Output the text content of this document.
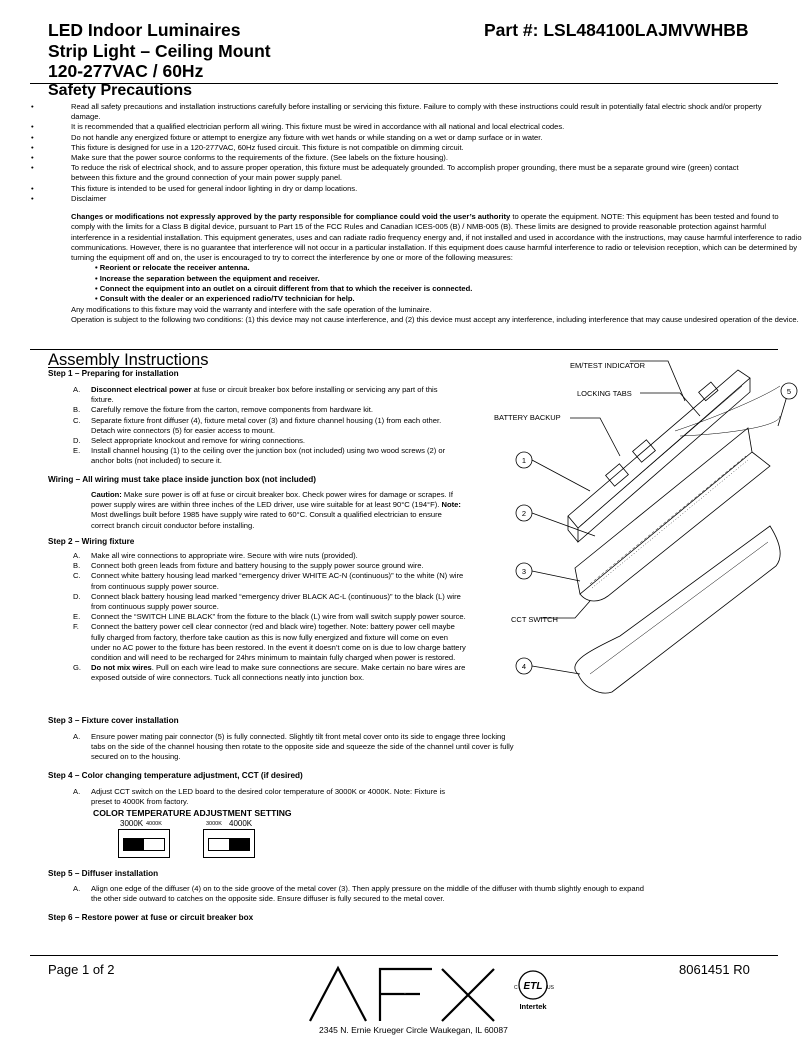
LED Indoor Luminaires
Strip Light – Ceiling Mount
120-277VAC / 60Hz
Part #: LSL484100LAJMVWHBB
Safety Precautions
• Read all safety precautions and installation instructions carefully before installing or servicing this fixture. Failure to comply with these instructions could result in potentially fatal electric shock and/or property damage.
• It is recommended that a qualified electrician perform all wiring. This fixture must be wired in accordance with all national and local electrical codes.
• Do not handle any energized fixture or attempt to energize any fixture with wet hands or while standing on a wet or damp surface or in water.
• This fixture is designed for use in a 120-277VAC, 60Hz fused circuit. This fixture is not compatible on dimming circuit.
• Make sure that the power source conforms to the requirements of the fixture. (See labels on the fixture housing).
• To reduce the risk of electrical shock, and to assure proper operation, this fixture must be adequately grounded. To accomplish proper grounding, there must be a separate ground wire (green) contact between this fixture and the ground connection of your main power supply panel.
• This fixture is intended to be used for general indoor lighting in dry or damp locations.
• Disclaimer
Changes or modifications not expressly approved by the party responsible for compliance could void the user’s authority to operate the equipment. NOTE: This equipment has been tested and found to comply with the limits for a Class B digital device, pursuant to Part 15 of the FCC Rules and Canadian ICES-005 (B) / NMB-005 (B). These limits are designed to provide reasonable protection against harmful interference in a residential installation. This equipment generates, uses and can radiate radio frequency energy and, if not installed and used in accordance with the instructions, may cause harmful interference to radio communications. However, there is no guarantee that interference will not occur in a particular installation. If this equipment does cause harmful interference to radio or television reception, which can be determined by turning the equipment off and on, the user is encouraged to try to correct the interference by one or more of the following measures:
• Reorient or relocate the receiver antenna.
• Increase the separation between the equipment and receiver.
• Connect the equipment into an outlet on a circuit different from that to which the receiver is connected.
• Consult with the dealer or an experienced radio/TV technician for help.
Any modifications to this fixture may void the warranty and interfere with the safe operation of the luminaire.
Operation is subject to the following two conditions: (1) this device may not cause interference, and (2) this device must accept any interference, including interference that may cause undesired operation of the device.
Assembly Instructions
Step 1 – Preparing for installation
A. Disconnect electrical power at fuse or circuit breaker box before installing or servicing any part of this fixture.
B. Carefully remove the fixture from the carton, remove components from hardware kit.
C. Separate fixture front diffuser (4), fixture metal cover (3) and fixture channel housing (1) from each other. Detach wire connectors (5) for easier access to mount.
D. Select appropriate knockout and remove for wiring connections.
E. Install channel housing (1) to the ceiling over the junction box (not included) using two wood screws (2) or anchor bolts (not included) to secure it.
Wiring – All wiring must take place inside junction box (not included)
Caution: Make sure power is off at fuse or circuit breaker box. Check power wires for damage or scrapes. If power supply wires are within three inches of the LED driver, use wire suitable for at least 90°C (194°F). Note: Most dwellings built before 1985 have supply wire rated to 60°C. Consult a qualified electrician to ensure correct branch circuit conductor before installing.
Step 2 – Wiring fixture
A. Make all wire connections to appropriate wire. Secure with wire nuts (provided).
B. Connect both green leads from fixture and battery housing to the supply power source ground wire.
C. Connect white battery housing lead marked “emergency driver WHITE AC-N (continuous)” to the white (N) wire from continuous supply power source.
D. Connect black battery housing lead marked “emergency driver BLACK AC-L (continuous)” to the black (L) wire from continuous supply power source.
E. Connect the “SWITCH LINE BLACK” from the fixture to the black (L) wire from wall switch supply power source.
F. Connect the battery power cell clear connector (red and black wire) together. Note: battery power cell maybe fully charged from factory, therfore take caution as this is now fully energized and fixture will come on even under no AC power to the fixture has been restored. In the event it doesn’t come on is due to low charge battery condition and will need to be recharged for 24hrs minimum to maintain fully charged when power is restored.
G. Do not mix wires. Pull on each wire lead to make sure connections are secure. Make certain no bare wires are exposed outside of wire connectors. Tuck all connections neatly into junction box.
Step 3 – Fixture cover installation
A. Ensure power mating pair connector (5) is fully connected. Slightly tilt front metal cover onto its side to engage three locking tabs on the side of the channel housing then rotate to the opposite side and squeeze the side of the channel until cover is fully secured on to the housing.
Step 4 – Color changing temperature adjustment, CCT (if desired)
A. Adjust CCT switch on the LED board to the desired color temperature of 3000K or 4000K. Note: Fixture is preset to 4000K from factory.
COLOR TEMPERATURE ADJUSTMENT SETTING
3000K 4000K	3000K 4000K
Step 5 – Diffuser installation
A. Align one edge of the diffuser (4) on to the side groove of the metal cover (3). Then apply pressure on the middle of the diffuser with thumb slightly enough to expand the other side outward to catches on the opposite side. Ensure diffuser is fully secured to the metal cover.
Step 6 – Restore power at fuse or circuit breaker box
1
2
3
4
5
EM/TEST INDICATOR
LOCKING TABS
BATTERY BACKUP
CCT SWITCH
Page 1 of 2	8061451 R0
AFX
2345 N. Ernie Krueger Circle Waukegan, IL 60087
ETL
C	US
Intertek
